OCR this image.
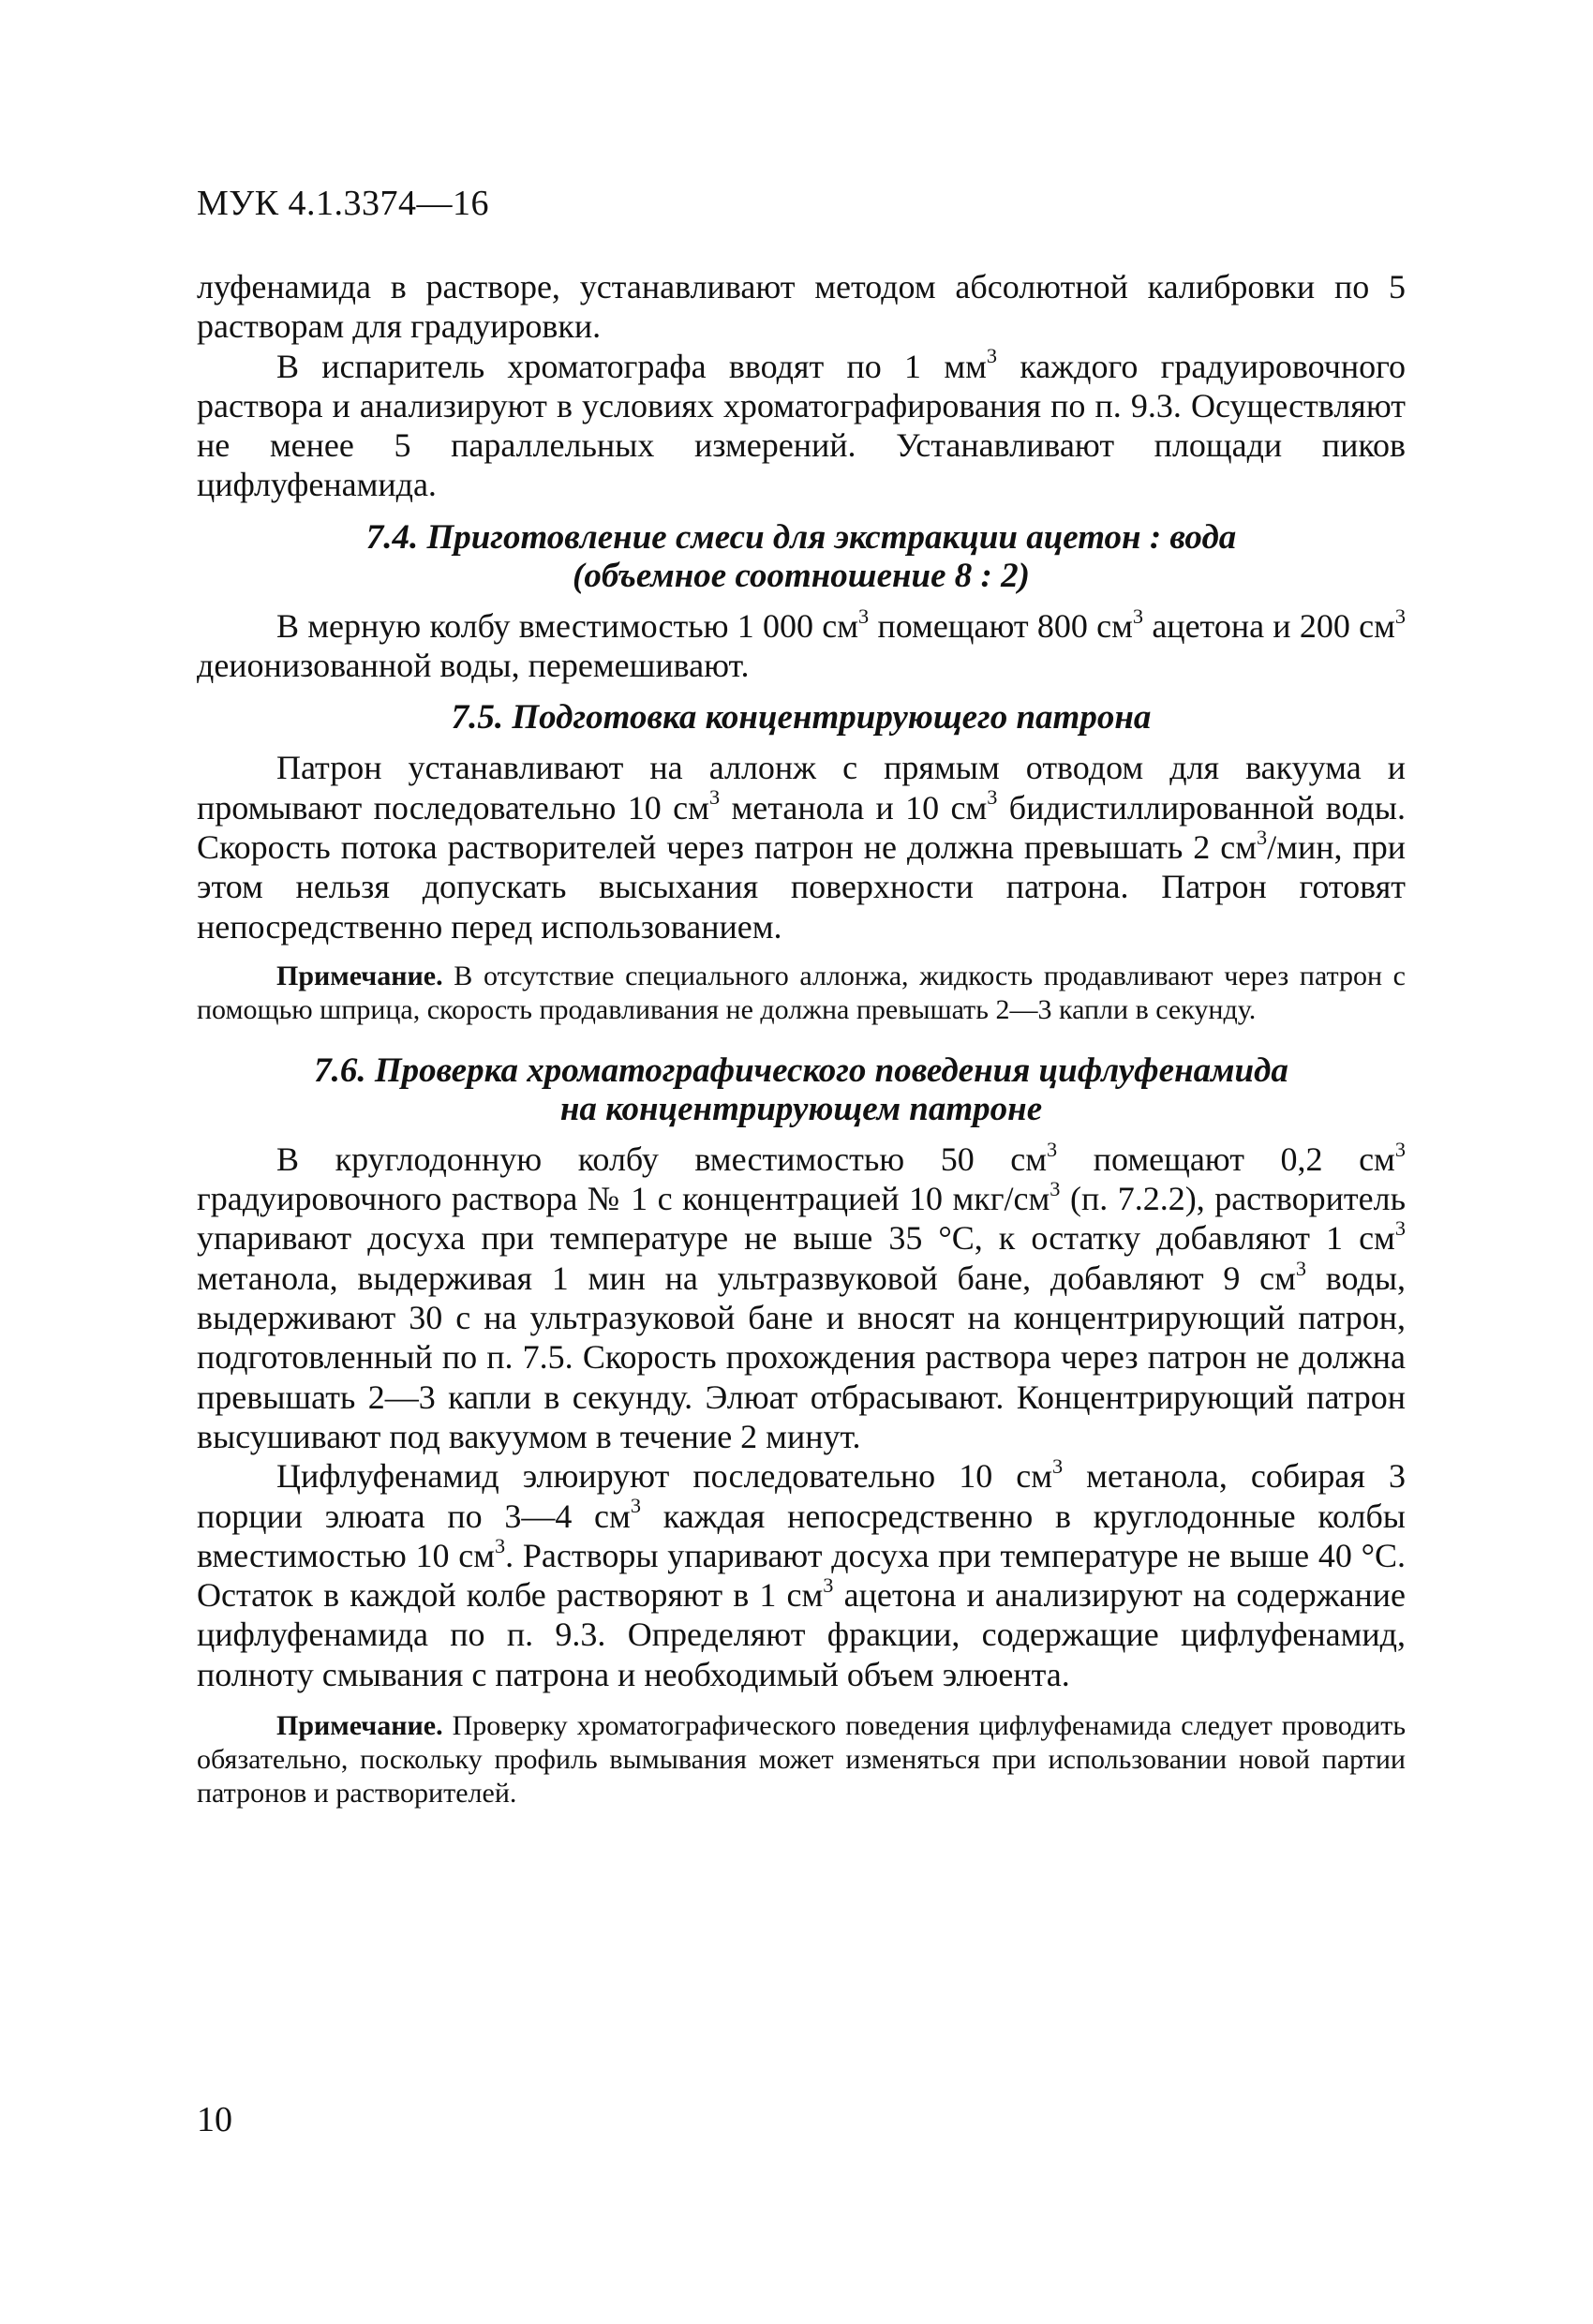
МУК 4.1.3374—16

луфенамида в растворе, устанавливают методом абсолютной калибровки по 5 растворам для градуировки.

В испаритель хроматографа вводят по 1 $мм^3$ каждого градуировочного раствора и анализируют в условиях хроматографирования по п. 9.3. Осуществляют не менее 5 параллельных измерений. Устанавливают площади пиков цифлуфенамида.

7.4. Приготовление смеси для экстракции ацетон : вода
(объемное соотношение 8 : 2)

В мерную колбу вместимостью 1 000 $см^3$ помещают 800 $см^3$ ацетона и 200 $см^3$ деионизованной воды, перемешивают.

7.5. Подготовка концентрирующего патрона

Патрон устанавливают на аллонж с прямым отводом для вакуума и промывают последовательно 10 $см^3$ метанола и 10 $см^3$ бидистиллированной воды. Скорость потока растворителей через патрон не должна превышать 2 $см^3$/мин, при этом нельзя допускать высыхания поверхности патрона. Патрон готовят непосредственно перед использованием.

Примечание. В отсутствие специального аллонжа, жидкость продавливают через патрон с помощью шприца, скорость продавливания не должна превышать 2—3 капли в секунду.

7.6. Проверка хроматографического поведения цифлуфенамида
на концентрирующем патроне

В круглодонную колбу вместимостью 50 $см^3$ помещают 0,2 $см^3$ градуировочного раствора № 1 с концентрацией 10 мкг/$см^3$ (п. 7.2.2), растворитель упаривают досуха при температуре не выше 35 °С, к остатку добавляют 1 $см^3$ метанола, выдерживая 1 мин на ультразвуковой бане, добавляют 9 $см^3$ воды, выдерживают 30 с на ультразуковой бане и вносят на концентрирующий патрон, подготовленный по п. 7.5. Скорость прохождения раствора через патрон не должна превышать 2—3 капли в секунду. Элюат отбрасывают. Концентрирующий патрон высушивают под вакуумом в течение 2 минут.

Цифлуфенамид элюируют последовательно 10 $см^3$ метанола, собирая 3 порции элюата по 3—4 $см^3$ каждая непосредственно в круглодонные колбы вместимостью 10 $см^3$. Растворы упаривают досуха при температуре не выше 40 °С. Остаток в каждой колбе растворяют в 1 $см^3$ ацетона и анализируют на содержание цифлуфенамида по п. 9.3. Определяют фракции, содержащие цифлуфенамид, полноту смывания с патрона и необходимый объем элюента.

Примечание. Проверку хроматографического поведения цифлуфенамида следует проводить обязательно, поскольку профиль вымывания может изменяться при использовании новой партии патронов и растворителей.

10
